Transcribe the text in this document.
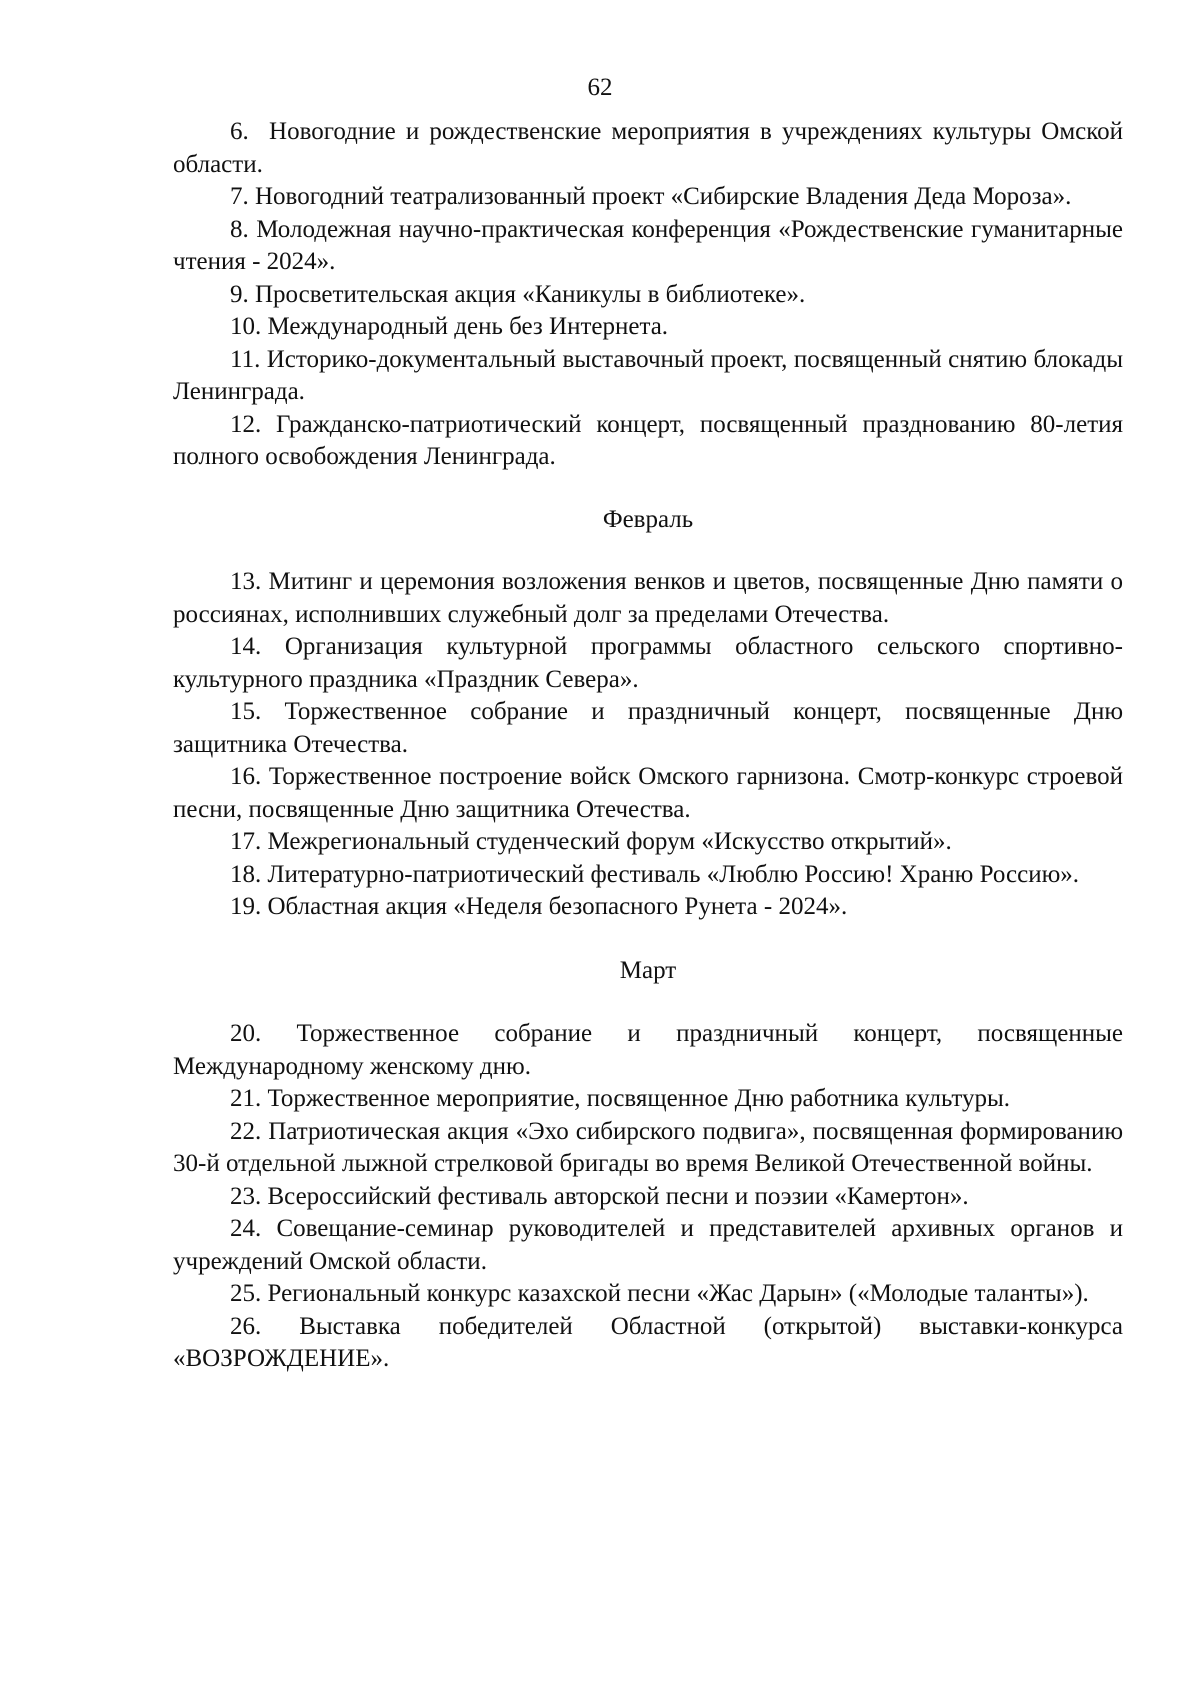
62

6.  Новогодние и рождественские мероприятия в учреждениях культуры Омской области.

7. Новогодний театрализованный проект «Сибирские Владения Деда Мороза».

8. Молодежная научно-практическая конференция «Рождественские гуманитарные чтения - 2024».

9. Просветительская акция «Каникулы в библиотеке».

10. Международный день без Интернета.

11. Историко-документальный выставочный проект, посвященный снятию блокады Ленинграда.

12. Гражданско-патриотический концерт, посвященный празднованию 80-летия полного освобождения Ленинграда.

Февраль

13. Митинг и церемония возложения венков и цветов, посвященные Дню памяти о россиянах, исполнивших служебный долг за пределами Отечества.

14. Организация культурной программы областного сельского спортивно-культурного праздника «Праздник Севера».

15. Торжественное собрание и праздничный концерт, посвященные Дню защитника Отечества.

16. Торжественное построение войск Омского гарнизона. Смотр-конкурс строевой песни, посвященные Дню защитника Отечества.

17. Межрегиональный студенческий форум «Искусство открытий».

18. Литературно-патриотический фестиваль «Люблю Россию! Храню Россию».

19. Областная акция «Неделя безопасного Рунета - 2024».

Март

20. Торжественное собрание и праздничный концерт, посвященные Международному женскому дню.

21. Торжественное мероприятие, посвященное Дню работника культуры.

22. Патриотическая акция «Эхо сибирского подвига», посвященная формированию 30-й отдельной лыжной стрелковой бригады во время Великой Отечественной войны.

23. Всероссийский фестиваль авторской песни и поэзии «Камертон».

24. Совещание-семинар руководителей и представителей архивных органов и учреждений Омской области.

25. Региональный конкурс казахской песни «Жас Дарын» («Молодые таланты»).

26. Выставка победителей Областной (открытой) выставки-конкурса «ВОЗРОЖДЕНИЕ».
